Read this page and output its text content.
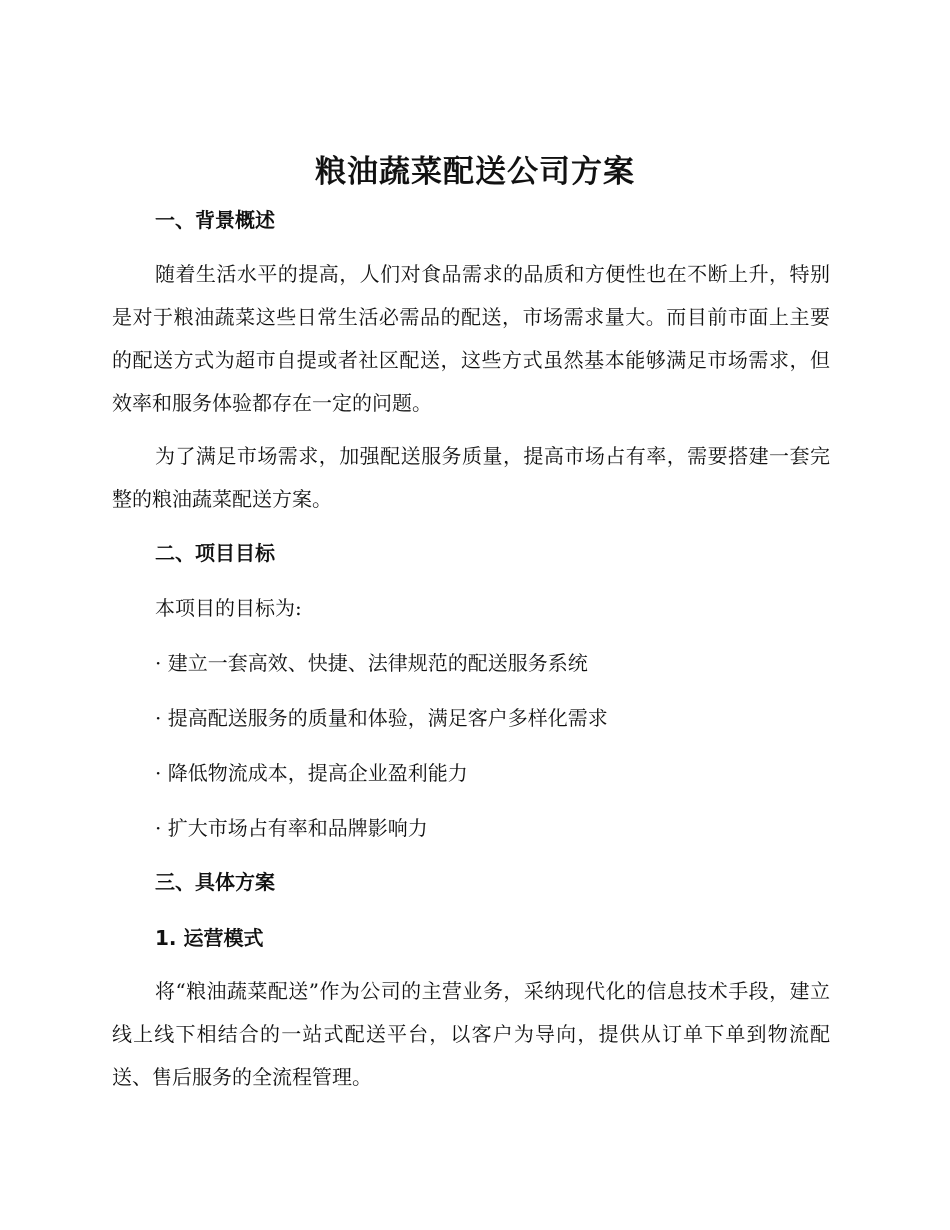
粮油蔬菜配送公司方案
一、背景概述

随着生活水平的提高，人们对食品需求的品质和方便性也在不断上升，特别是对于粮油蔬菜这些日常生活必需品的配送，市场需求量大。而目前市面上主要的配送方式为超市自提或者社区配送，这些方式虽然基本能够满足市场需求，但效率和服务体验都存在一定的问题。

为了满足市场需求，加强配送服务质量，提高市场占有率，需要搭建一套完整的粮油蔬菜配送方案。

二、项目目标
本项目的目标为:
· 建立一套高效、快捷、法律规范的配送服务系统
· 提高配送服务的质量和体验，满足客户多样化需求
· 降低物流成本，提高企业盈利能力
· 扩大市场占有率和品牌影响力
三、具体方案
1. 运营模式

将“粮油蔬菜配送”作为公司的主营业务，采纳现代化的信息技术手段，建立线上线下相结合的一站式配送平台，以客户为导向，提供从订单下单到物流配送、售后服务的全流程管理。
